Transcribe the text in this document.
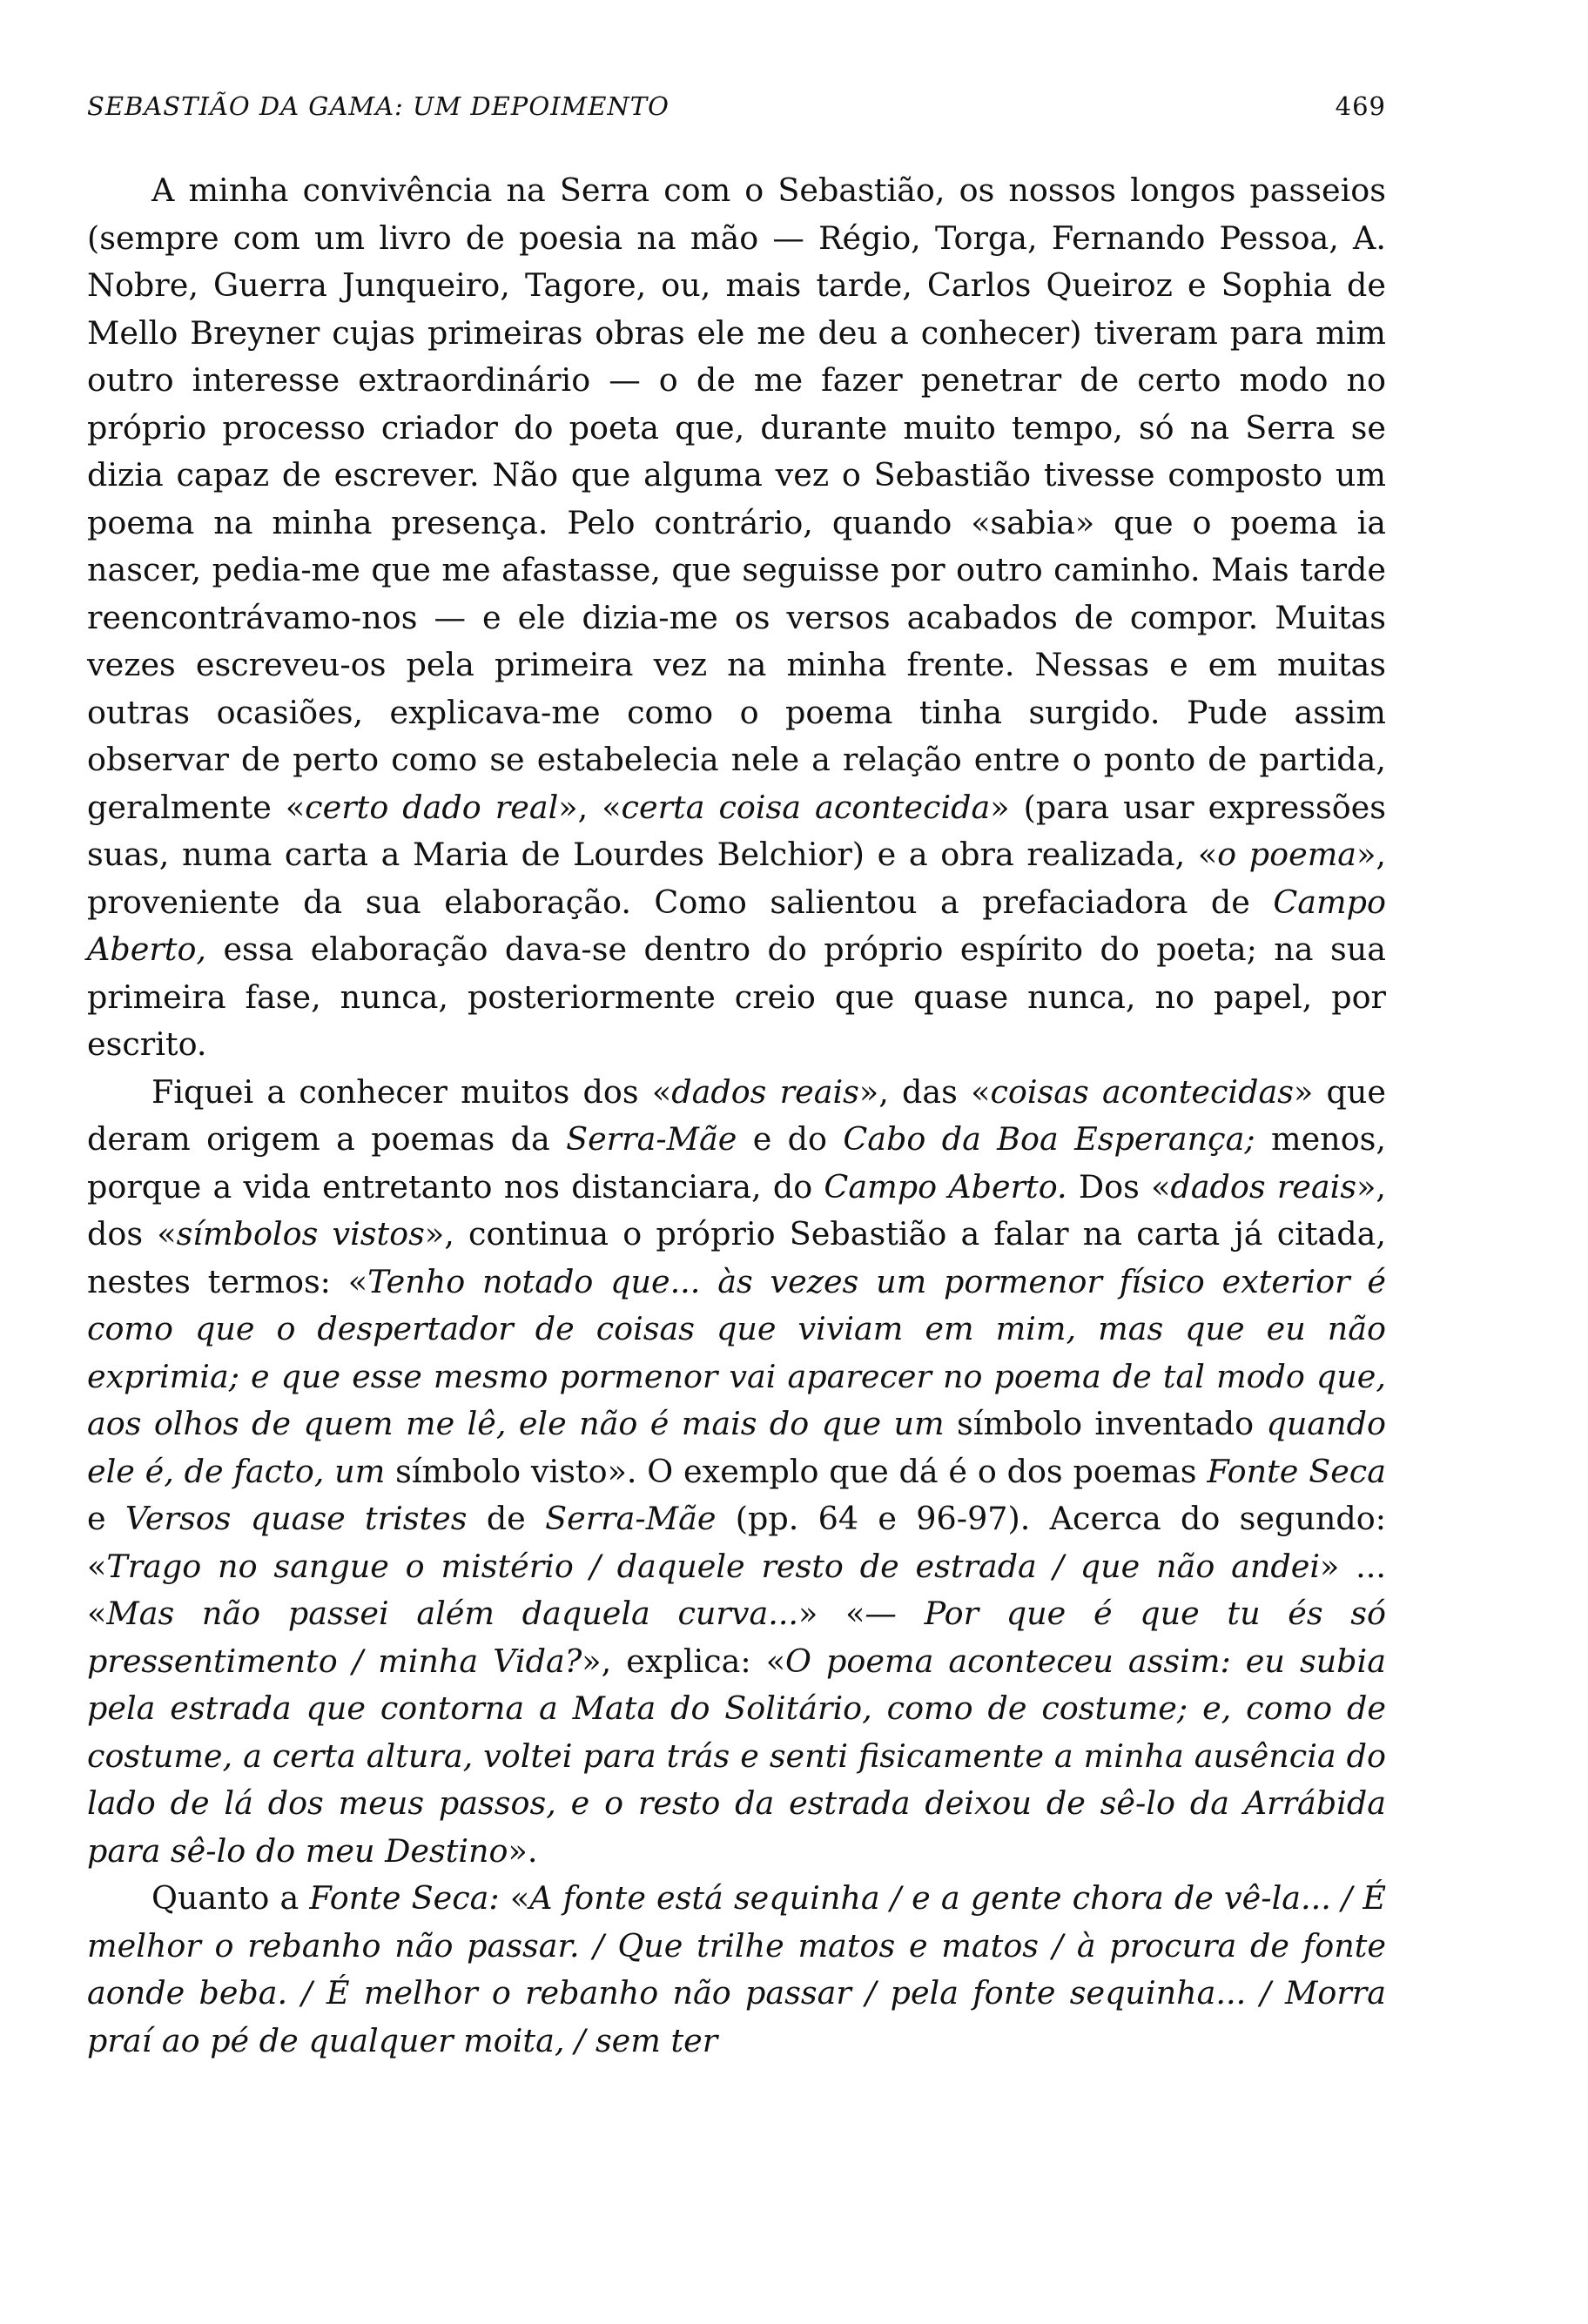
SEBASTIÃO DA GAMA: UM DEPOIMENTO	469

A minha convivência na Serra com o Sebastião, os nossos longos passeios (sempre com um livro de poesia na mão — Régio, Torga, Fernando Pessoa, A. Nobre, Guerra Junqueiro, Tagore, ou, mais tarde, Carlos Queiroz e Sophia de Mello Breyner cujas primeiras obras ele me deu a conhecer) tiveram para mim outro interesse extraordinário — o de me fazer penetrar de certo modo no próprio processo criador do poeta que, durante muito tempo, só na Serra se dizia capaz de escrever. Não que alguma vez o Sebastião tivesse composto um poema na minha presença. Pelo contrário, quando «sabia» que o poema ia nascer, pedia-me que me afastasse, que seguisse por outro caminho. Mais tarde reencontrávamo-nos — e ele dizia-me os versos acabados de compor. Muitas vezes escreveu-os pela primeira vez na minha frente. Nessas e em muitas outras ocasiões, explicava-me como o poema tinha surgido. Pude assim observar de perto como se estabelecia nele a relação entre o ponto de partida, geralmente «certo dado real», «certa coisa acontecida» (para usar expressões suas, numa carta a Maria de Lourdes Belchior) e a obra realizada, «o poema», proveniente da sua elaboração. Como salientou a prefaciadora de Campo Aberto, essa elaboração dava-se dentro do próprio espírito do poeta; na sua primeira fase, nunca, posteriormente creio que quase nunca, no papel, por escrito.

Fiquei a conhecer muitos dos «dados reais», das «coisas acontecidas» que deram origem a poemas da Serra-Mãe e do Cabo da Boa Esperança; menos, porque a vida entretanto nos distanciara, do Campo Aberto. Dos «dados reais», dos «símbolos vistos», continua o próprio Sebastião a falar na carta já citada, nestes termos: «Tenho notado que... às vezes um pormenor físico exterior é como que o despertador de coisas que viviam em mim, mas que eu não exprimia; e que esse mesmo pormenor vai aparecer no poema de tal modo que, aos olhos de quem me lê, ele não é mais do que um símbolo inventado quando ele é, de facto, um símbolo visto». O exemplo que dá é o dos poemas Fonte Seca e Versos quase tristes de Serra-Mãe (pp. 64 e 96-97). Acerca do segundo: «Trago no sangue o mistério / daquele resto de estrada / que não andei» ... «Mas não passei além daquela curva...» «— Por que é que tu és só pressentimento / minha Vida?», explica: «O poema aconteceu assim: eu subia pela estrada que contorna a Mata do Solitário, como de costume; e, como de costume, a certa altura, voltei para trás e senti fisicamente a minha ausência do lado de lá dos meus passos, e o resto da estrada deixou de sê-lo da Arrábida para sê-lo do meu Destino».

Quanto a Fonte Seca: «A fonte está sequinha / e a gente chora de vê-la... / É melhor o rebanho não passar. / Que trilhe matos e matos / à procura de fonte aonde beba. / É melhor o rebanho não passar / pela fonte sequinha... / Morra praí ao pé de qualquer moita, / sem ter
